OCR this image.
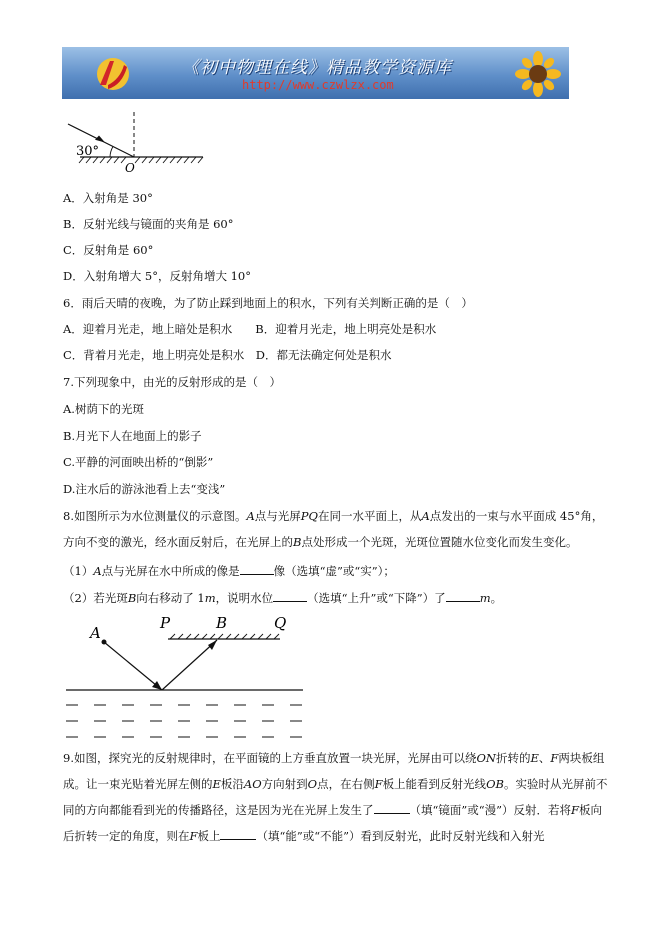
《初中物理在线》精品教学资源库
http://www.czwlzx.com
30°
O
A．入射角是 30°
B．反射光线与镜面的夹角是 60°
C．反射角是 60°
D．入射角增大 5°，反射角增大 10°
6．雨后天晴的夜晚，为了防止踩到地面上的积水，下列有关判断正确的是（　）
A．迎着月光走，地上暗处是积水　　B．迎着月光走，地上明亮处是积水
C．背着月光走，地上明亮处是积水　D．都无法确定何处是积水
7.下列现象中，由光的反射形成的是（　）
A.树荫下的光斑
B.月光下人在地面上的影子
C.平静的河面映出桥的“倒影”
D.注水后的游泳池看上去“变浅”
8.如图所示为水位测量仪的示意图。A点与光屏PQ在同一水平面上，从A点发出的一束与水平面成 45°角，方向不变的激光，经水面反射后，在光屏上的B点处形成一个光斑，光斑位置随水位变化而发生变化。
（1）A点与光屏在水中所成的像是	像（选填“虚”或“实”）；
（2）若光斑B向右移动了 1m，说明水位	（选填“上升”或“下降”）了	m。
A
P	B	Q
9.如图，探究光的反射规律时，在平面镜的上方垂直放置一块光屏，光屏由可以绕ON折转的E、F两块板组成。让一束光贴着光屏左侧的E板沿AO方向射到O点，在右侧F板上能看到反射光线OB。实验时从光屏前不同的方向都能看到光的传播路径，这是因为光在光屏上发生了	（填“镜面”或“漫”）反射．若将F板向后折转一定的角度，则在F板上	（填“能”或“不能”）看到反射光，此时反射光线和入射光
